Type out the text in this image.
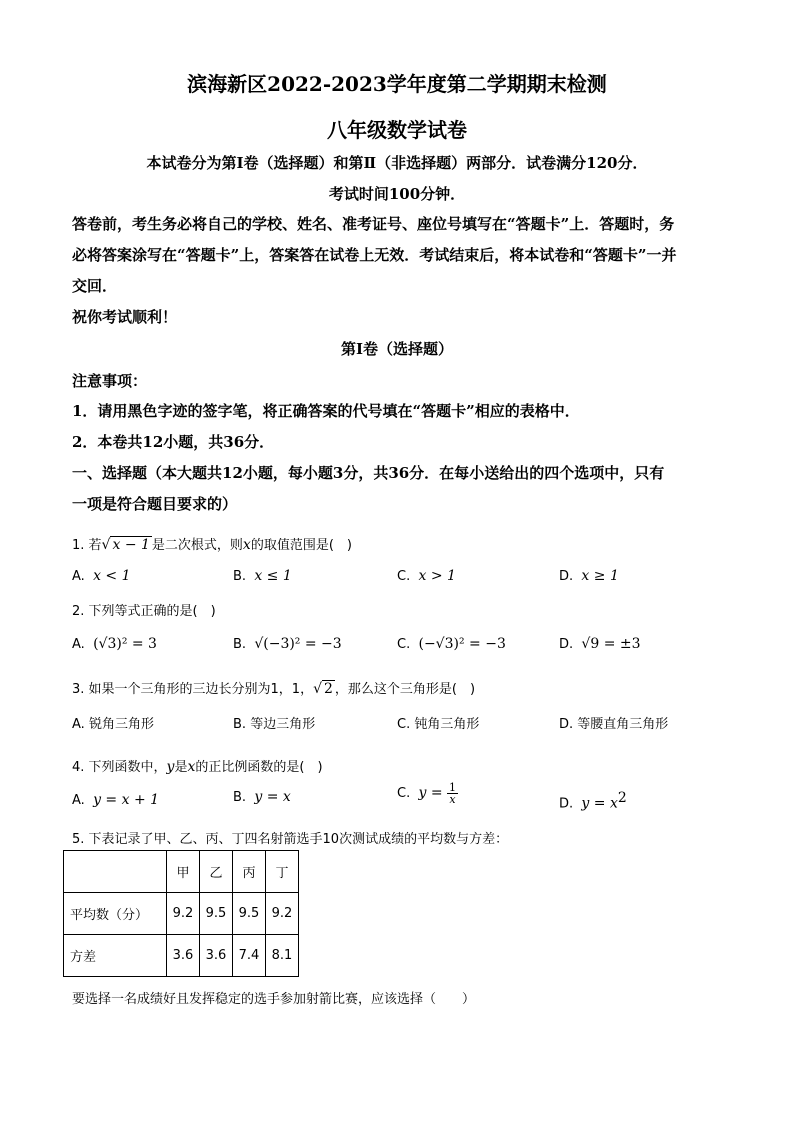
滨海新区2022-2023学年度第二学期期末检测
八年级数学试卷
本试卷分为第Ⅰ卷（选择题）和第Ⅱ（非选择题）两部分．试卷满分120分．
考试时间100分钟．
答卷前，考生务必将自己的学校、姓名、准考证号、座位号填写在“答题卡”上．答题时，务
必将答案涂写在“答题卡”上，答案答在试卷上无效．考试结束后，将本试卷和“答题卡”一并
交回．
祝你考试顺利！
第Ⅰ卷（选择题）
注意事项：
1．请用黑色字迹的签字笔，将正确答案的代号填在“答题卡”相应的表格中．
2．本卷共12小题，共36分．
一、选择题（本大题共12小题，每小题3分，共36分．在每小送给出的四个选项中，只有
一项是符合题目要求的）
1. 若√ x − 1 是二次根式，则x的取值范围是(　)
A. x < 1	B. x ≤ 1	C. x > 1	D. x ≥ 1
2. 下列等式正确的是(　)
A. (√3)² = 3	B. √(−3)² = −3	C. (−√3)² = −3	D. √9 = ±3
3. 如果一个三角形的三边长分别为1，1，√ 2 ，那么这个三角形是(　)
A. 锐角三角形	B. 等边三角形	C. 钝角三角形	D. 等腰直角三角形
4. 下列函数中，y是x的正比例函数的是(　)
A. y = x + 1	B. y = x	C. $y = \frac{1}{x}$	D. $y = x^2$
5. 下表记录了甲、乙、丙、丁四名射箭选手10次测试成绩的平均数与方差：
	甲	乙	丙	丁
平均数（分）	9.2	9.5	9.5	9.2
方差	3.6	3.6	7.4	8.1
要选择一名成绩好且发挥稳定的选手参加射箭比赛，应该选择（　　）
